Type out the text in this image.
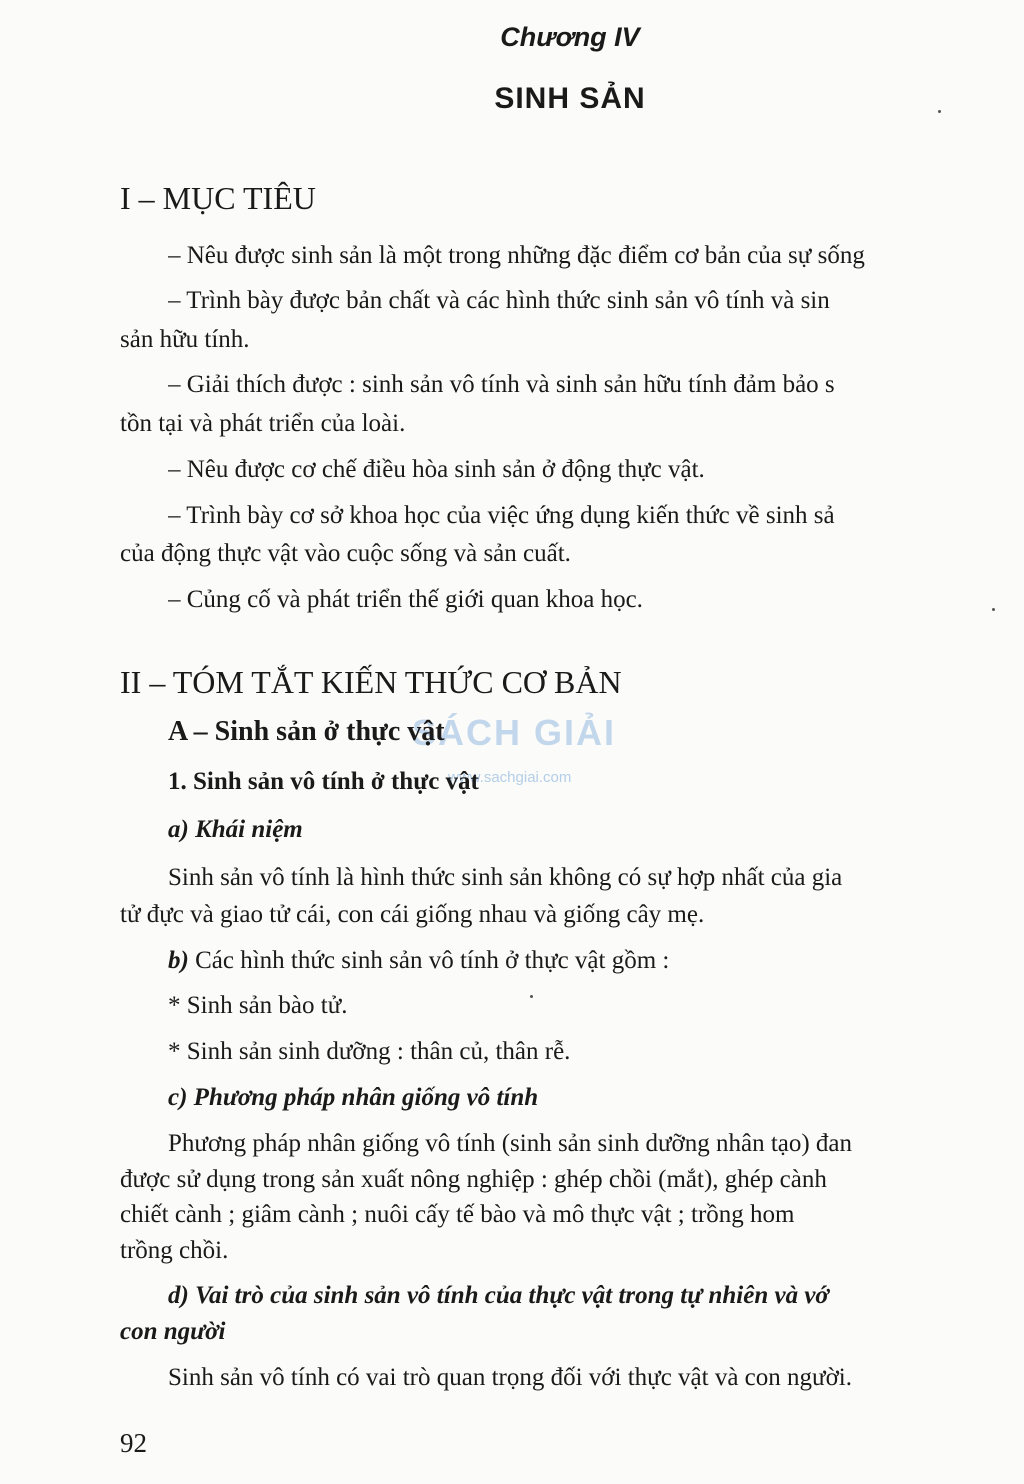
Chương IV
SINH SẢN
I – MỤC TIÊU
– Nêu được sinh sản là một trong những đặc điểm cơ bản của sự sống
– Trình bày được bản chất và các hình thức sinh sản vô tính và sin
sản hữu tính.
– Giải thích được : sinh sản vô tính và sinh sản hữu tính đảm bảo s
tồn tại và phát triển của loài.
– Nêu được cơ chế điều hòa sinh sản ở động thực vật.
– Trình bày cơ sở khoa học của việc ứng dụng kiến thức về sinh sả
của động thực vật vào cuộc sống và sản cuất.
– Củng cố và phát triển thế giới quan khoa học.
II – TÓM TẮT KIẾN THỨC CƠ BẢN
SÁCH GIẢI
www.sachgiai.com
A – Sinh sản ở thực vật
1. Sinh sản vô tính ở thực vật
a) Khái niệm
Sinh sản vô tính là hình thức sinh sản không có sự hợp nhất của gia
tử đực và giao tử cái, con cái giống nhau và giống cây mẹ.
b) Các hình thức sinh sản vô tính ở thực vật gồm :
* Sinh sản bào tử.
* Sinh sản sinh dưỡng : thân củ, thân rễ.
c) Phương pháp nhân giống vô tính
Phương pháp nhân giống vô tính (sinh sản sinh dưỡng nhân tạo) đan
được sử dụng trong sản xuất nông nghiệp : ghép chồi (mắt), ghép cành
chiết cành ; giâm cành ; nuôi cấy tế bào và mô thực vật ; trồng hom
trồng chồi.
d) Vai trò của sinh sản vô tính của thực vật trong tự nhiên và vớ
con người
Sinh sản vô tính có vai trò quan trọng đối với thực vật và con người.
92
